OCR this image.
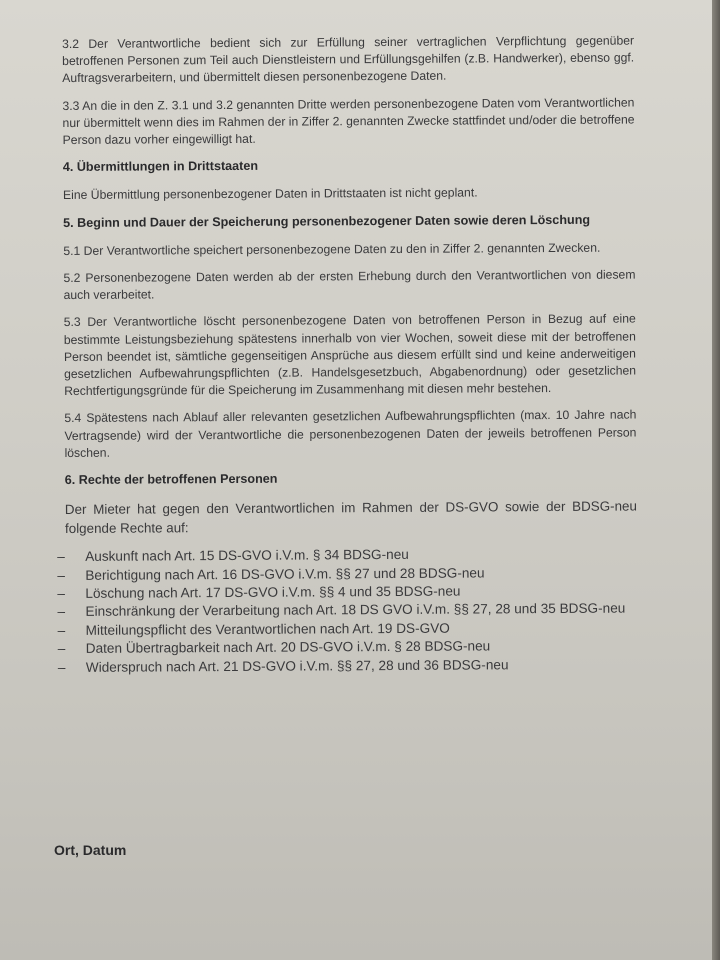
3.2 Der Verantwortliche bedient sich zur Erfüllung seiner vertraglichen Verpflichtung gegenüber betroffenen Personen zum Teil auch Dienstleistern und Erfüllungsgehilfen (z.B. Handwerker), ebenso ggf. Auftragsverarbeitern, und übermittelt diesen personenbezogene Daten.

3.3 An die in den Z. 3.1 und 3.2 genannten Dritte werden personenbezogene Daten vom Verantwortlichen nur übermittelt wenn dies im Rahmen der in Ziffer 2. genannten Zwecke stattfindet und/oder die betroffene Person dazu vorher eingewilligt hat.

4. Übermittlungen in Drittstaaten

Eine Übermittlung personenbezogener Daten in Drittstaaten ist nicht geplant.

5. Beginn und Dauer der Speicherung personenbezogener Daten sowie deren Löschung

5.1 Der Verantwortliche speichert personenbezogene Daten zu den in Ziffer 2. genannten Zwecken.

5.2 Personenbezogene Daten werden ab der ersten Erhebung durch den Verantwortlichen von diesem auch verarbeitet.

5.3 Der Verantwortliche löscht personenbezogene Daten von betroffenen Person in Bezug auf eine bestimmte Leistungsbeziehung spätestens innerhalb von vier Wochen, soweit diese mit der betroffenen Person beendet ist, sämtliche gegenseitigen Ansprüche aus diesem erfüllt sind und keine anderweitigen gesetzlichen Aufbewahrungspflichten (z.B. Handelsgesetzbuch, Abgabenordnung) oder gesetzlichen Rechtfertigungsgründe für die Speicherung im Zusammenhang mit diesen mehr bestehen.

5.4 Spätestens nach Ablauf aller relevanten gesetzlichen Aufbewahrungspflichten (max. 10 Jahre nach Vertragsende) wird der Verantwortliche die personenbezogenen Daten der jeweils betroffenen Person löschen.

6. Rechte der betroffenen Personen

Der Mieter hat gegen den Verantwortlichen im Rahmen der DS-GVO sowie der BDSG-neu folgende Rechte auf:

–	Auskunft nach Art. 15 DS-GVO i.V.m. § 34 BDSG-neu
–	Berichtigung nach Art. 16 DS-GVO i.V.m. §§ 27 und 28 BDSG-neu
–	Löschung nach Art. 17 DS-GVO i.V.m. §§ 4 und 35 BDSG-neu
–	Einschränkung der Verarbeitung nach Art. 18 DS GVO i.V.m. §§ 27, 28 und 35 BDSG-neu
–	Mitteilungspflicht des Verantwortlichen nach Art. 19 DS-GVO
–	Daten Übertragbarkeit nach Art. 20 DS-GVO i.V.m. § 28 BDSG-neu
–	Widerspruch nach Art. 21 DS-GVO i.V.m. §§ 27, 28 und 36 BDSG-neu
Ort, Datum
